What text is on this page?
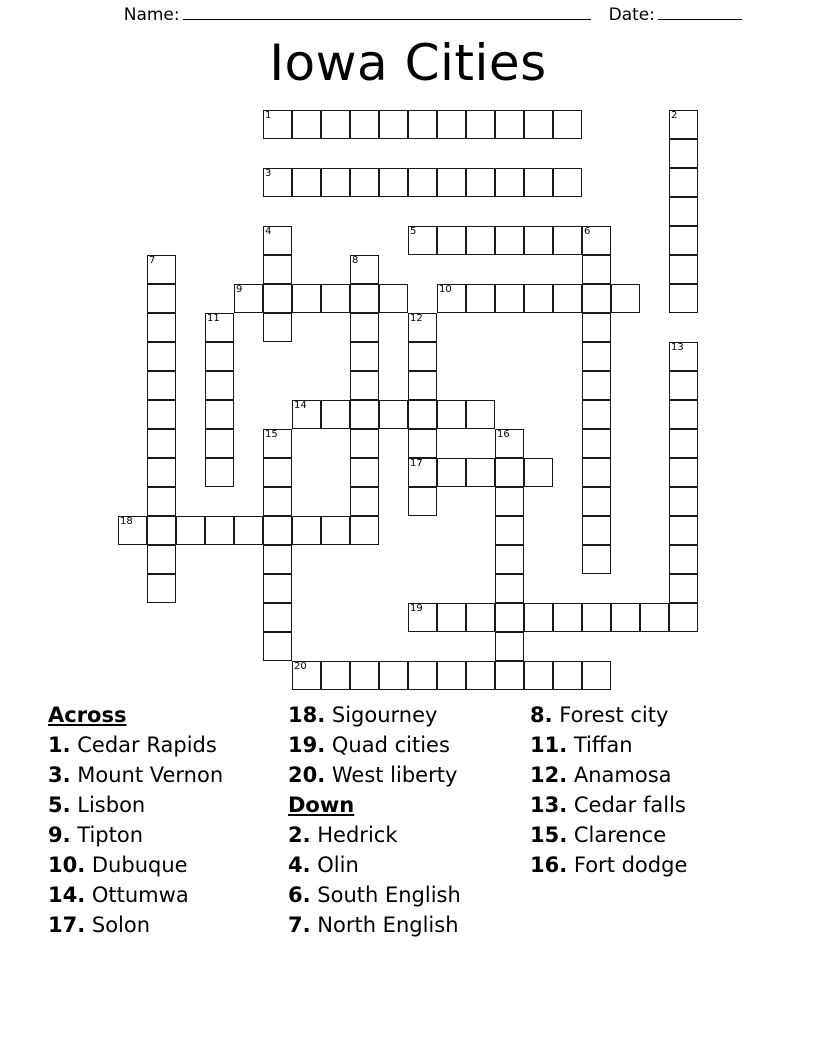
Name:	Date:
Iowa Cities
1	2
3
4	5	6
7	8
9	10
11	12
17
13
14
15	16
18
19
20
Across
1. Cedar Rapids
3. Mount Vernon
5. Lisbon
9. Tipton
10. Dubuque
14. Ottumwa
17. Solon
18. Sigourney
19. Quad cities
20. West liberty
Down
2. Hedrick
4. Olin
6. South English
7. North English
8. Forest city
11. Tiffan
12. Anamosa
13. Cedar falls
15. Clarence
16. Fort dodge
